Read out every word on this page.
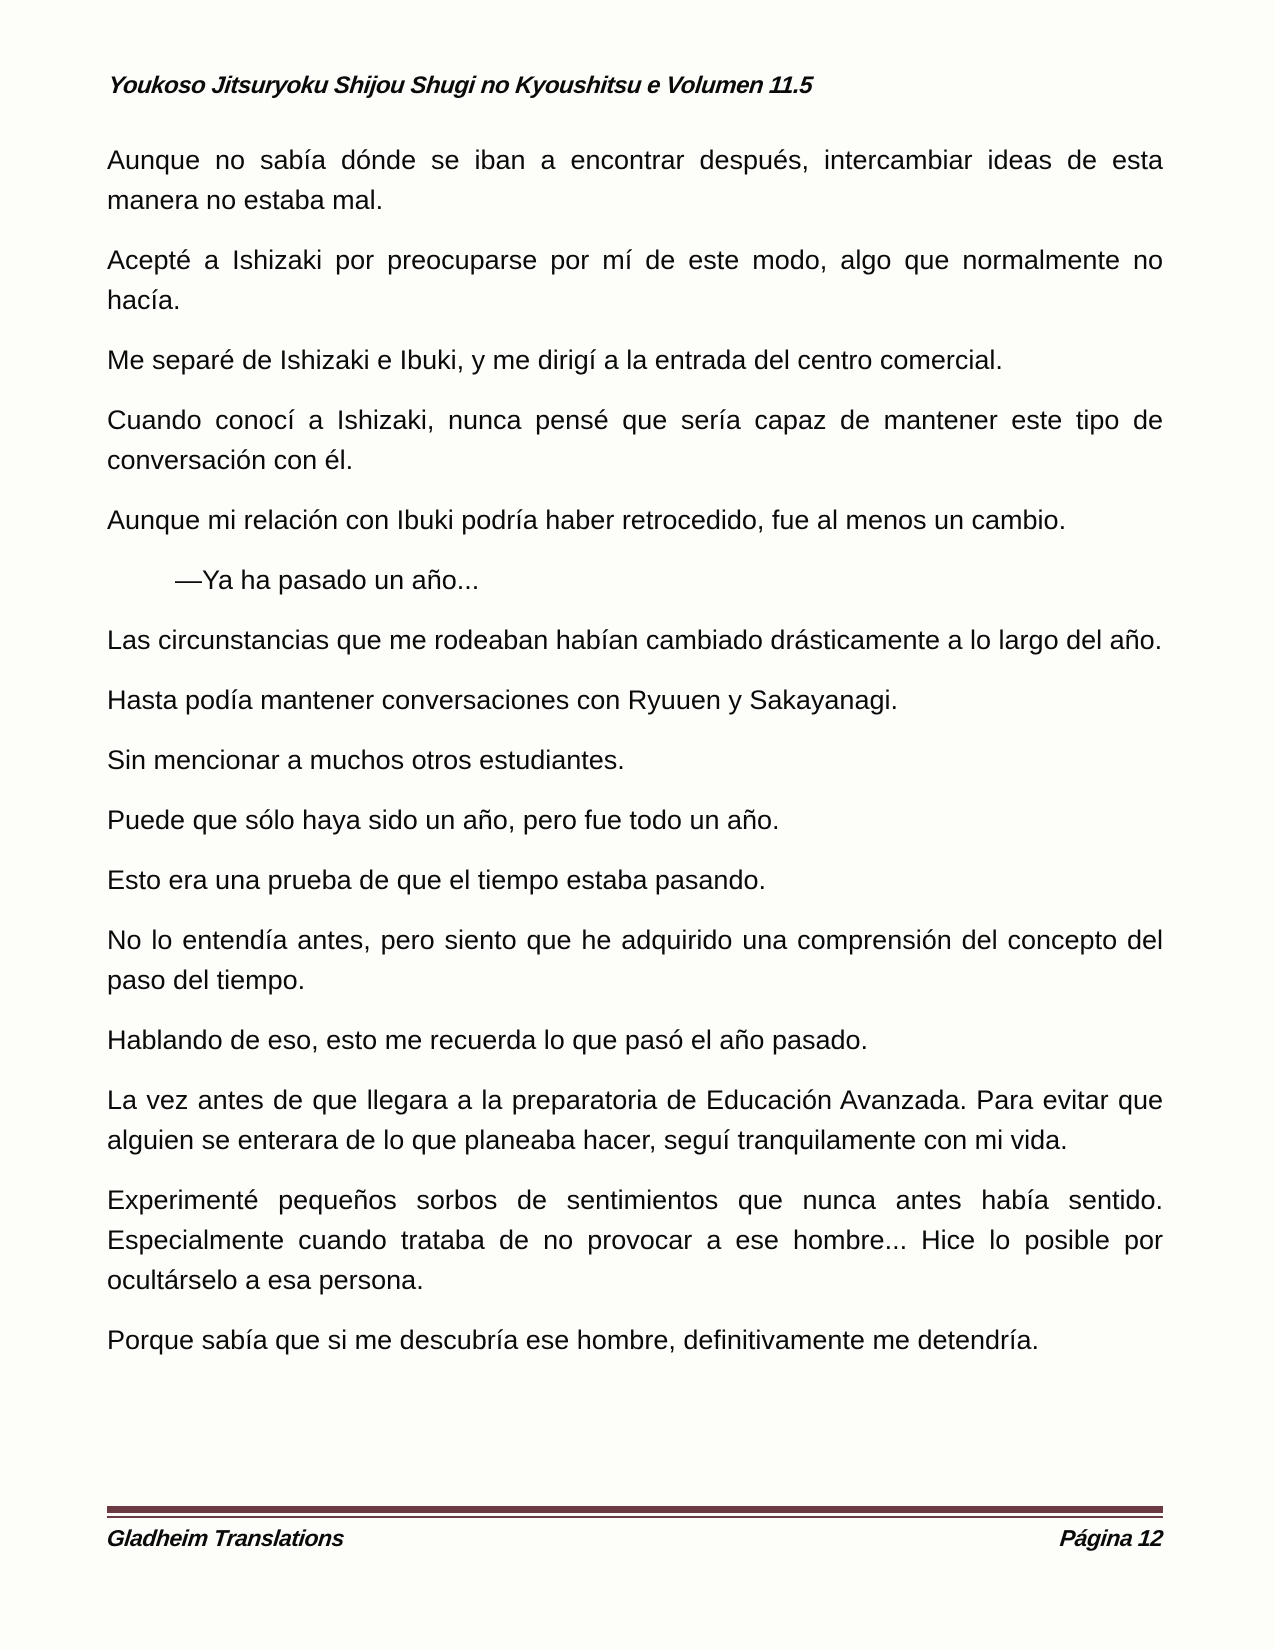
Youkoso Jitsuryoku Shijou Shugi no Kyoushitsu e Volumen 11.5

Aunque no sabía dónde se iban a encontrar después, intercambiar ideas de esta manera no estaba mal.

Acepté a Ishizaki por preocuparse por mí de este modo, algo que normalmente no hacía.

Me separé de Ishizaki e Ibuki, y me dirigí a la entrada del centro comercial.

Cuando conocí a Ishizaki, nunca pensé que sería capaz de mantener este tipo de conversación con él.

Aunque mi relación con Ibuki podría haber retrocedido, fue al menos un cambio.

—Ya ha pasado un año...

Las circunstancias que me rodeaban habían cambiado drásticamente a lo largo del año.

Hasta podía mantener conversaciones con Ryuuen y Sakayanagi.

Sin mencionar a muchos otros estudiantes.

Puede que sólo haya sido un año, pero fue todo un año.

Esto era una prueba de que el tiempo estaba pasando.

No lo entendía antes, pero siento que he adquirido una comprensión del concepto del paso del tiempo.

Hablando de eso, esto me recuerda lo que pasó el año pasado.

La vez antes de que llegara a la preparatoria de Educación Avanzada. Para evitar que alguien se enterara de lo que planeaba hacer, seguí tranquilamente con mi vida.

Experimenté pequeños sorbos de sentimientos que nunca antes había sentido. Especialmente cuando trataba de no provocar a ese hombre... Hice lo posible por ocultárselo a esa persona.

Porque sabía que si me descubría ese hombre, definitivamente me detendría.

Gladheim Translations	Página 12
